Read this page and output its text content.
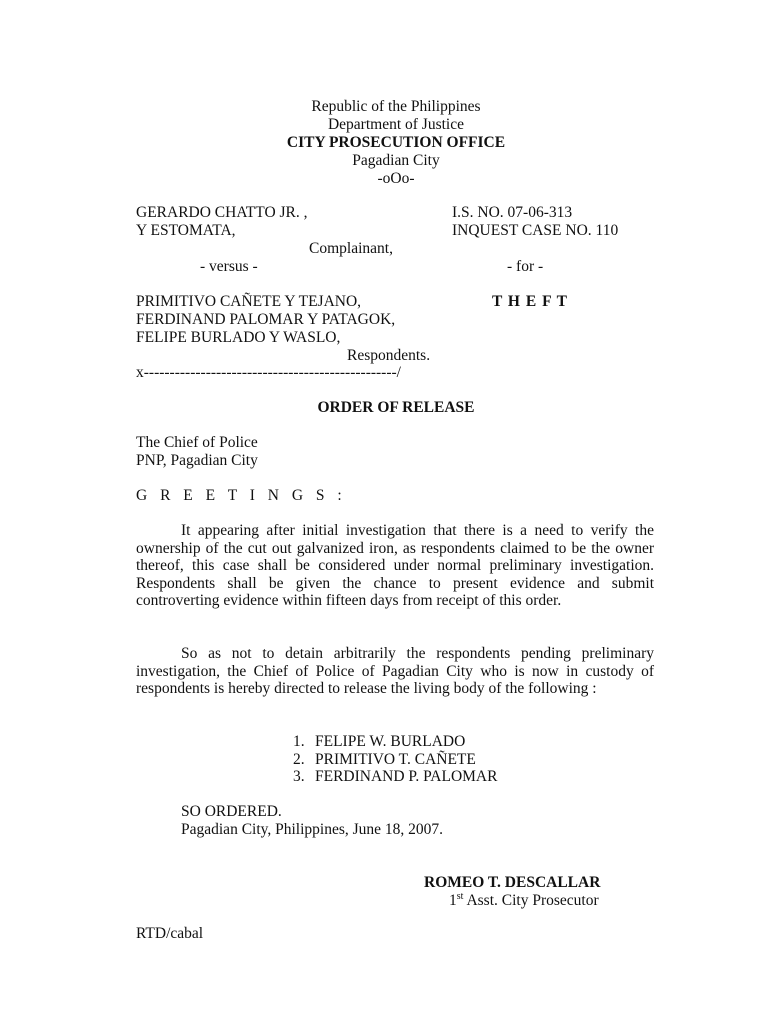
Republic of the Philippines
Department of Justice
CITY PROSECUTION OFFICE
Pagadian City
-oOo-
GERARDO CHATTO JR. ,
Y ESTOMATA,
Complainant,
- versus -
I.S. NO. 07-06-313
INQUEST CASE NO. 110
- for -
T H E F T
PRIMITIVO CAÑETE Y TEJANO,
FERDINAND PALOMAR Y PATAGOK,
FELIPE BURLADO Y WASLO,
Respondents.
x-------------------------------------------------/
ORDER OF RELEASE
The Chief of Police
PNP, Pagadian City
G R E E T I N G S :
It appearing after initial investigation that there is a need to verify the ownership of the cut out galvanized iron, as respondents claimed to be the owner thereof, this case shall be considered under normal preliminary investigation. Respondents shall be given the chance to present evidence and submit controverting evidence within fifteen days from receipt of this order.
So as not to detain arbitrarily the respondents pending preliminary investigation, the Chief of Police of Pagadian City who is now in custody of respondents is hereby directed to release the living body of the following :
1. FELIPE W. BURLADO
2. PRIMITIVO T. CAÑETE
3. FERDINAND P. PALOMAR
SO ORDERED.
Pagadian City, Philippines, June 18, 2007.
ROMEO T. DESCALLAR
1st Asst. City Prosecutor
RTD/cabal
